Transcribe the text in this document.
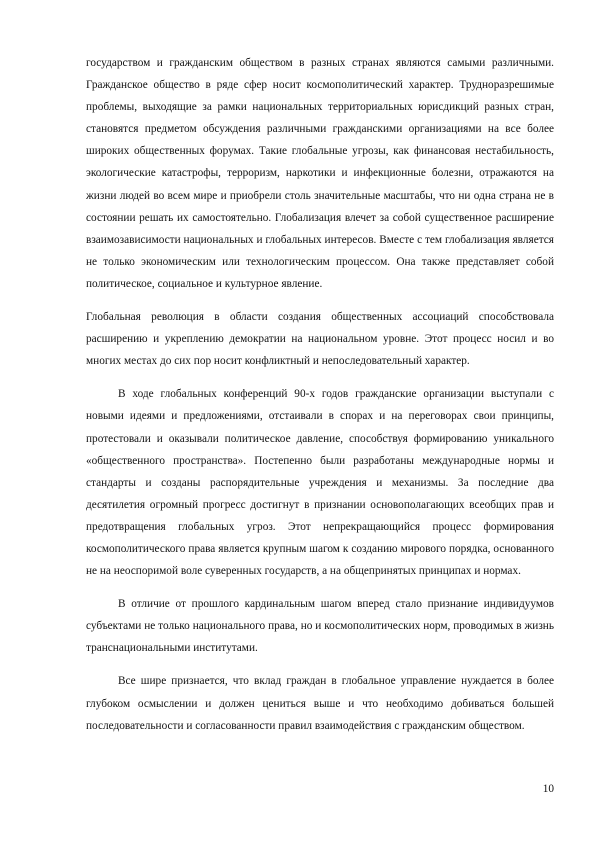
государством и гражданским обществом в разных странах являются самыми различными. Гражданское общество в ряде сфер носит космополитический характер. Трудноразрешимые проблемы, выходящие за рамки национальных территориальных юрисдикций разных стран, становятся предметом обсуждения различными гражданскими организациями на все более широких общественных форумах. Такие глобальные угрозы, как финансовая нестабильность, экологические катастрофы, терроризм, наркотики и инфекционные болезни, отражаются на жизни людей во всем мире и приобрели столь значительные масштабы, что ни одна страна не в состоянии решать их самостоятельно. Глобализация влечет за собой существенное расширение взаимозависимости национальных и глобальных интересов. Вместе с тем глобализация является не только экономическим или технологическим процессом. Она также представляет собой политическое, социальное и культурное явление.

Глобальная революция в области создания общественных ассоциаций способствовала расширению и укреплению демократии на национальном уровне. Этот процесс носил и во многих местах до сих пор носит конфликтный и непоследовательный характер.

В ходе глобальных конференций 90-х годов гражданские организации выступали с новыми идеями и предложениями, отстаивали в спорах и на переговорах свои принципы, протестовали и оказывали политическое давление, способствуя формированию уникального «общественного пространства». Постепенно были разработаны международные нормы и стандарты и созданы распорядительные учреждения и механизмы. За последние два десятилетия огромный прогресс достигнут в признании основополагающих всеобщих прав и предотвращения глобальных угроз. Этот непрекращающийся процесс формирования космополитического права является крупным шагом к созданию мирового порядка, основанного не на неоспоримой воле суверенных государств, а на общепринятых принципах и нормах.

В отличие от прошлого кардинальным шагом вперед стало признание индивидуумов субъектами не только национального права, но и космополитических норм, проводимых в жизнь транснациональными институтами.

Все шире признается, что вклад граждан в глобальное управление нуждается в более глубоком осмыслении и должен цениться выше и что необходимо добиваться большей последовательности и согласованности правил взаимодействия с гражданским обществом.

10
